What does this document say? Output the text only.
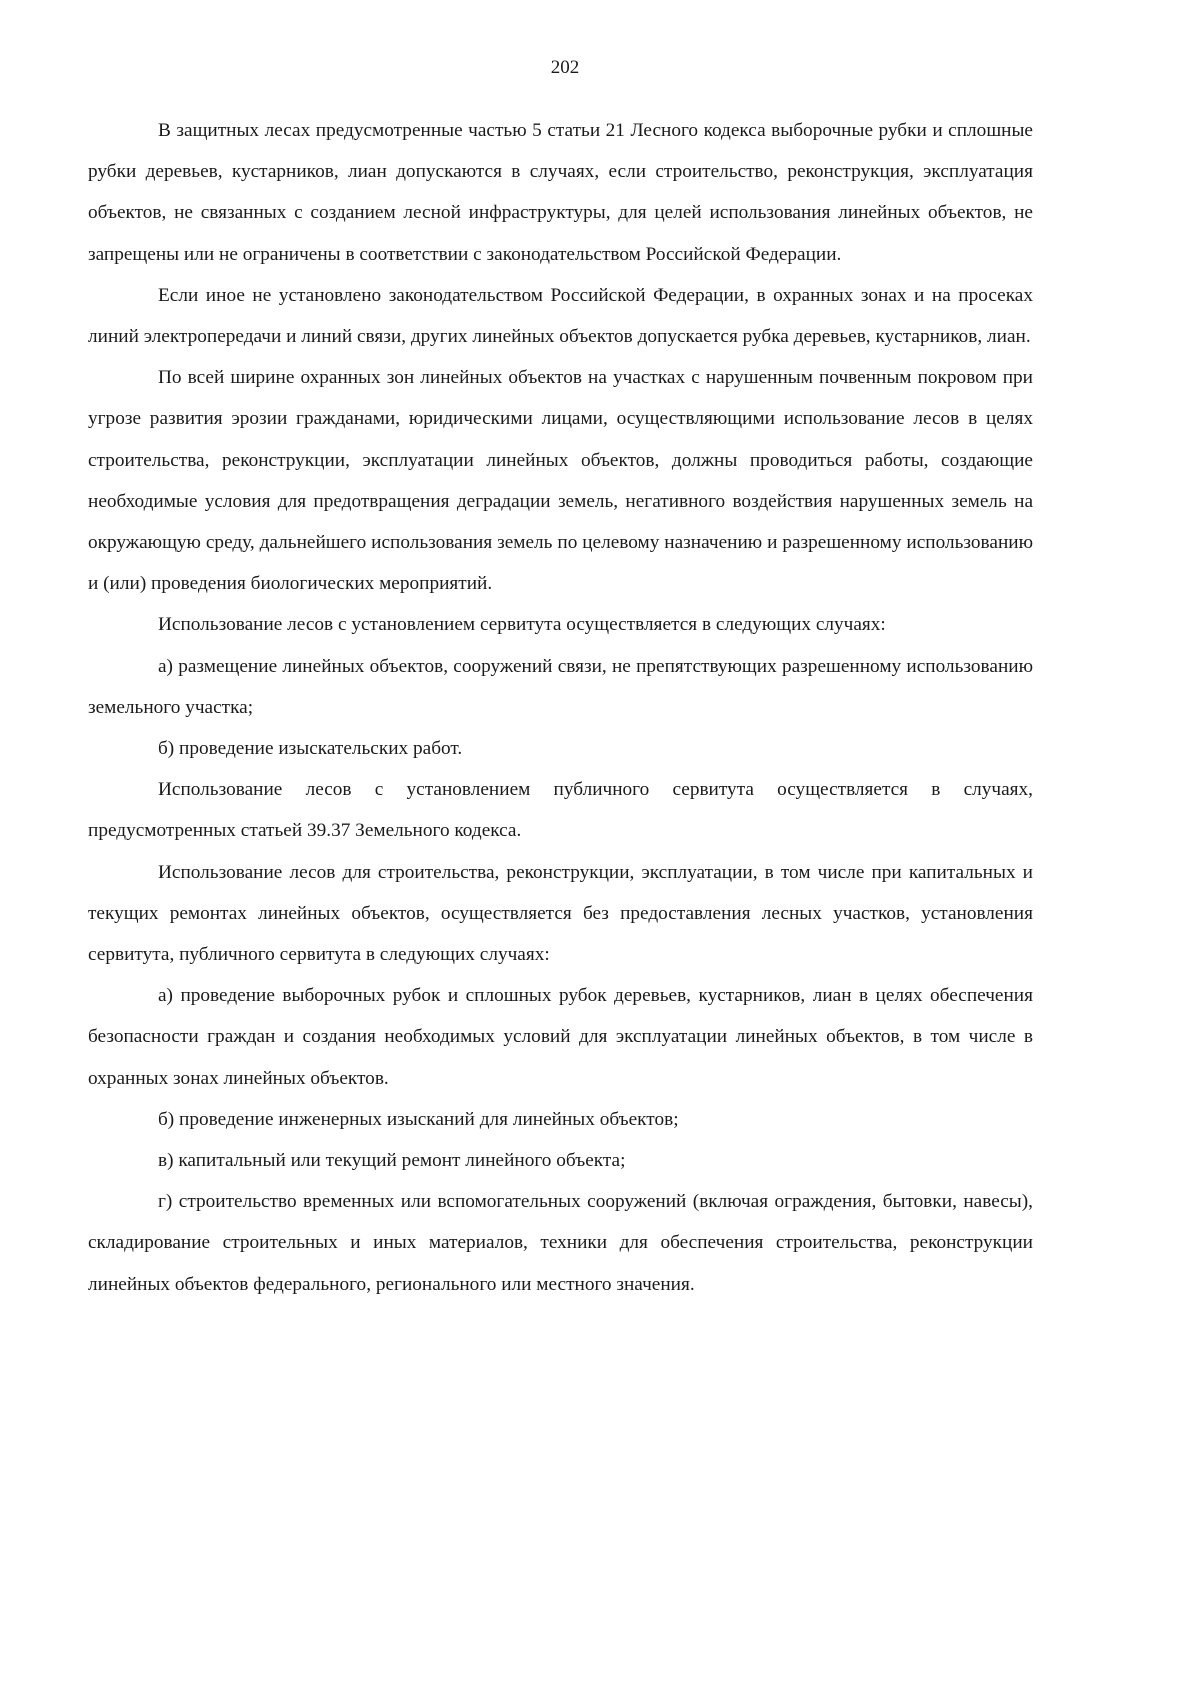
202

В защитных лесах предусмотренные частью 5 статьи 21 Лесного кодекса выборочные рубки и сплошные рубки деревьев, кустарников, лиан допускаются в случаях, если строительство, реконструкция, эксплуатация объектов, не связанных с созданием лесной инфраструктуры, для целей использования линейных объектов, не запрещены или не ограничены в соответствии с законодательством Российской Федерации.

Если иное не установлено законодательством Российской Федерации, в охранных зонах и на просеках линий электропередачи и линий связи, других линейных объектов допускается рубка деревьев, кустарников, лиан.

По всей ширине охранных зон линейных объектов на участках с нарушенным почвенным покровом при угрозе развития эрозии гражданами, юридическими лицами, осуществляющими использование лесов в целях строительства, реконструкции, эксплуатации линейных объектов, должны проводиться работы, создающие необходимые условия для предотвращения деградации земель, негативного воздействия нарушенных земель на окружающую среду, дальнейшего использования земель по целевому назначению и разрешенному использованию и (или) проведения биологических мероприятий.

Использование лесов с установлением сервитута осуществляется в следующих случаях:

а) размещение линейных объектов, сооружений связи, не препятствующих разрешенному использованию земельного участка;

б) проведение изыскательских работ.

Использование лесов с установлением публичного сервитута осуществляется в случаях, предусмотренных статьей 39.37 Земельного кодекса.

Использование лесов для строительства, реконструкции, эксплуатации, в том числе при капитальных и текущих ремонтах линейных объектов, осуществляется без предоставления лесных участков, установления сервитута, публичного сервитута в следующих случаях:

а) проведение выборочных рубок и сплошных рубок деревьев, кустарников, лиан в целях обеспечения безопасности граждан и создания необходимых условий для эксплуатации линейных объектов, в том числе в охранных зонах линейных объектов.

б) проведение инженерных изысканий для линейных объектов;

в) капитальный или текущий ремонт линейного объекта;

г) строительство временных или вспомогательных сооружений (включая ограждения, бытовки, навесы), складирование строительных и иных материалов, техники для обеспечения строительства, реконструкции линейных объектов федерального, регионального или местного значения.
